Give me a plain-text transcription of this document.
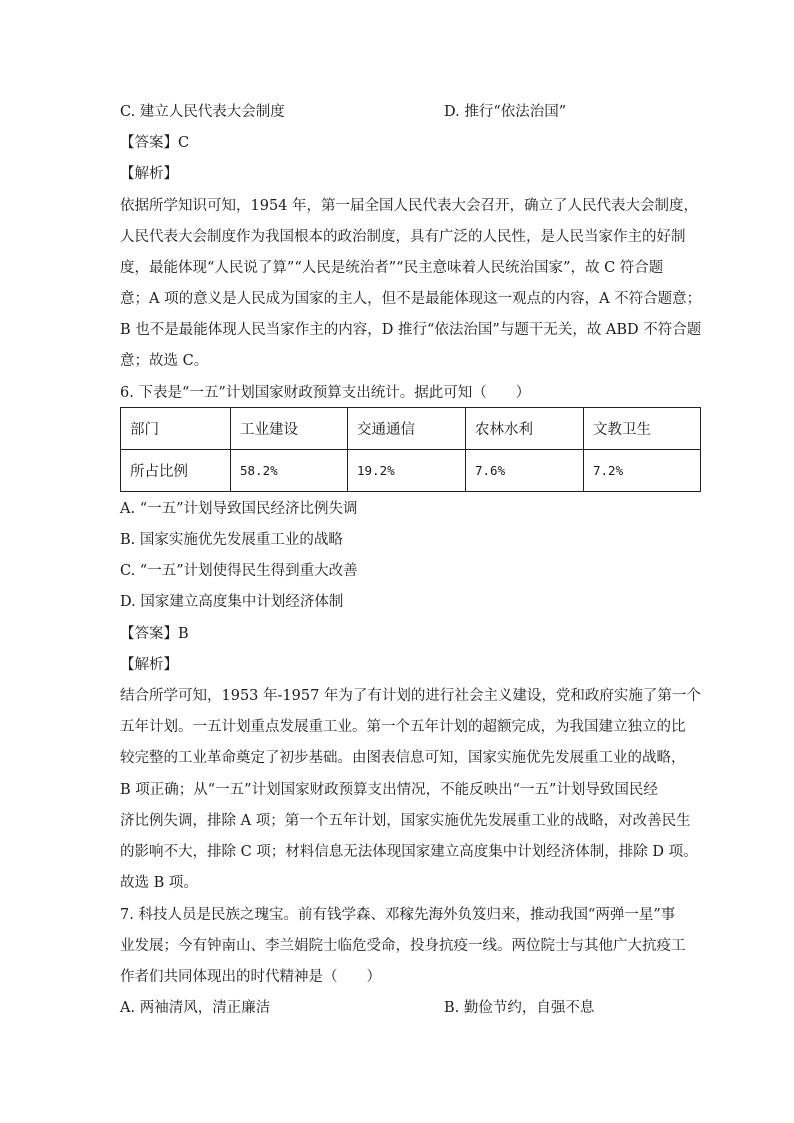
C. 建立人民代表大会制度	D. 推行“依法治国”
【答案】C
【解析】
依据所学知识可知，1954 年，第一届全国人民代表大会召开，确立了人民代表大会制度，
人民代表大会制度作为我国根本的政治制度，具有广泛的人民性，是人民当家作主的好制
度，最能体现“人民说了算”“人民是统治者”“民主意味着人民统治国家”，故 C 符合题
意；A 项的意义是人民成为国家的主人，但不是最能体现这一观点的内容，A 不符合题意；
B 也不是最能体现人民当家作主的内容，D 推行“依法治国”与题干无关，故 ABD 不符合题
意；故选 C。
6. 下表是“一五”计划国家财政预算支出统计。据此可知（　　）
部门	工业建设	交通通信	农林水利	文教卫生
所占比例	58.2%	19.2%	7.6%	7.2%
A. “一五”计划导致国民经济比例失调
B. 国家实施优先发展重工业的战略
C. “一五”计划使得民生得到重大改善
D. 国家建立高度集中计划经济体制
【答案】B
【解析】
结合所学可知，1953 年-1957 年为了有计划的进行社会主义建设，党和政府实施了第一个
五年计划。一五计划重点发展重工业。第一个五年计划的超额完成，为我国建立独立的比
较完整的工业革命奠定了初步基础。由图表信息可知，国家实施优先发展重工业的战略，
B 项正确；从“一五”计划国家财政预算支出情况，不能反映出“一五”计划导致国民经
济比例失调，排除 A 项；第一个五年计划，国家实施优先发展重工业的战略，对改善民生
的影响不大，排除 C 项；材料信息无法体现国家建立高度集中计划经济体制，排除 D 项。
故选 B 项。
7. 科技人员是民族之瑰宝。前有钱学森、邓稼先海外负笈归来，推动我国“两弹一星”事
业发展；今有钟南山、李兰娟院士临危受命，投身抗疫一线。两位院士与其他广大抗疫工
作者们共同体现出的时代精神是（　　）
A. 两袖清风，清正廉洁	B. 勤俭节约，自强不息
